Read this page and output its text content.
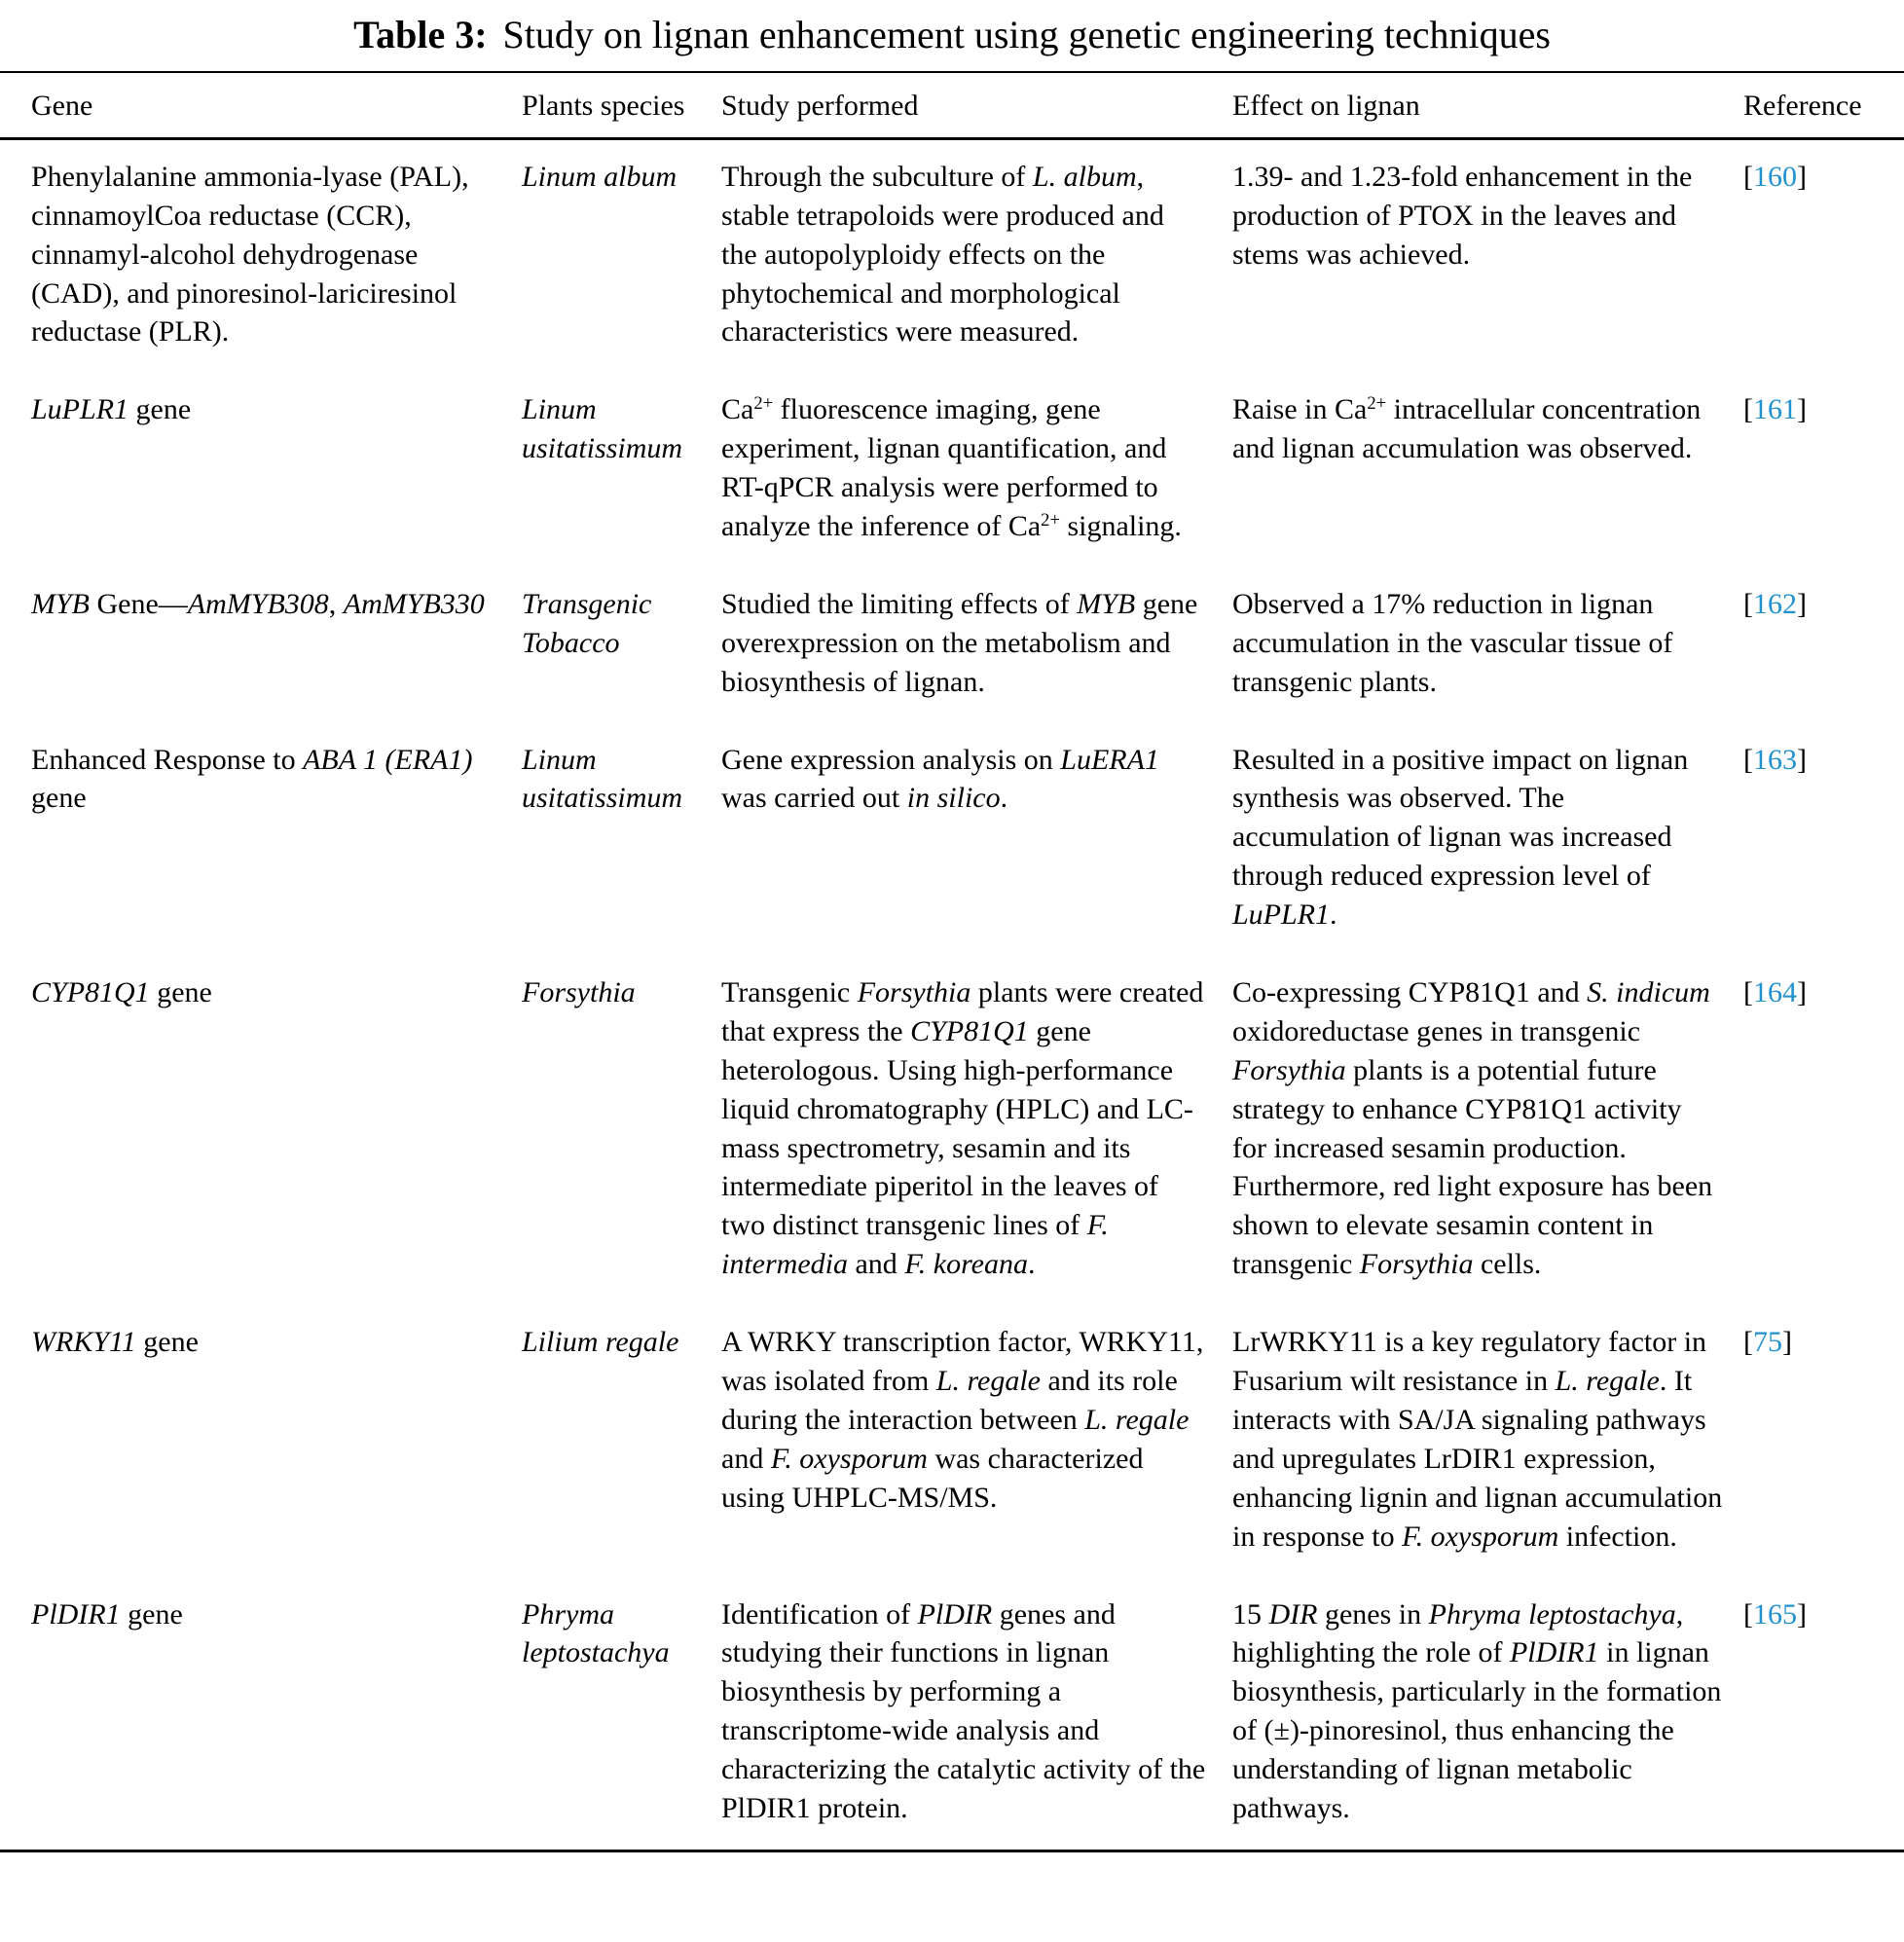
Table 3: Study on lignan enhancement using genetic engineering techniques
Gene	Plants species	Study performed	Effect on lignan	Reference
Phenylalanine ammonia-lyase (PAL), cinnamoylCoa reductase (CCR), cinnamyl-alcohol dehydrogenase (CAD), and pinoresinol-lariciresinol reductase (PLR).	Linum album	Through the subculture of L. album, stable tetrapoloids were produced and the autopolyploidy effects on the phytochemical and morphological characteristics were measured.	1.39- and 1.23-fold enhancement in the production of PTOX in the leaves and stems was achieved.	[160]
LuPLR1 gene	Linum usitatissimum	$Ca^{2+}$ fluorescence imaging, gene experiment, lignan quantification, and RT-qPCR analysis were performed to analyze the inference of $Ca^{2+}$ signaling.	Raise in $Ca^{2+}$ intracellular concentration and lignan accumulation was observed.	[161]
MYB Gene—AmMYB308, AmMYB330	Transgenic Tobacco	Studied the limiting effects of MYB gene overexpression on the metabolism and biosynthesis of lignan.	Observed a 17% reduction in lignan accumulation in the vascular tissue of transgenic plants.	[162]
Enhanced Response to ABA 1 (ERA1) gene	Linum usitatissimum	Gene expression analysis on LuERA1 was carried out in silico.	Resulted in a positive impact on lignan synthesis was observed. The accumulation of lignan was increased through reduced expression level of LuPLR1.	[163]
CYP81Q1 gene	Forsythia	Transgenic Forsythia plants were created that express the CYP81Q1 gene heterologous. Using high-performance liquid chromatography (HPLC) and LC-mass spectrometry, sesamin and its intermediate piperitol in the leaves of two distinct transgenic lines of F. intermedia and F. koreana.	Co-expressing CYP81Q1 and S. indicum oxidoreductase genes in transgenic Forsythia plants is a potential future strategy to enhance CYP81Q1 activity for increased sesamin production. Furthermore, red light exposure has been shown to elevate sesamin content in transgenic Forsythia cells.	[164]
WRKY11 gene	Lilium regale	A WRKY transcription factor, WRKY11, was isolated from L. regale and its role during the interaction between L. regale and F. oxysporum was characterized using UHPLC-MS/MS.	LrWRKY11 is a key regulatory factor in Fusarium wilt resistance in L. regale. It interacts with SA/JA signaling pathways and upregulates LrDIR1 expression, enhancing lignin and lignan accumulation in response to F. oxysporum infection.	[75]
PlDIR1 gene	Phryma leptostachya	Identification of PlDIR genes and studying their functions in lignan biosynthesis by performing a transcriptome-wide analysis and characterizing the catalytic activity of the PlDIR1 protein.	15 DIR genes in Phryma leptostachya, highlighting the role of PlDIR1 in lignan biosynthesis, particularly in the formation of (±)-pinoresinol, thus enhancing the understanding of lignan metabolic pathways.	[165]
